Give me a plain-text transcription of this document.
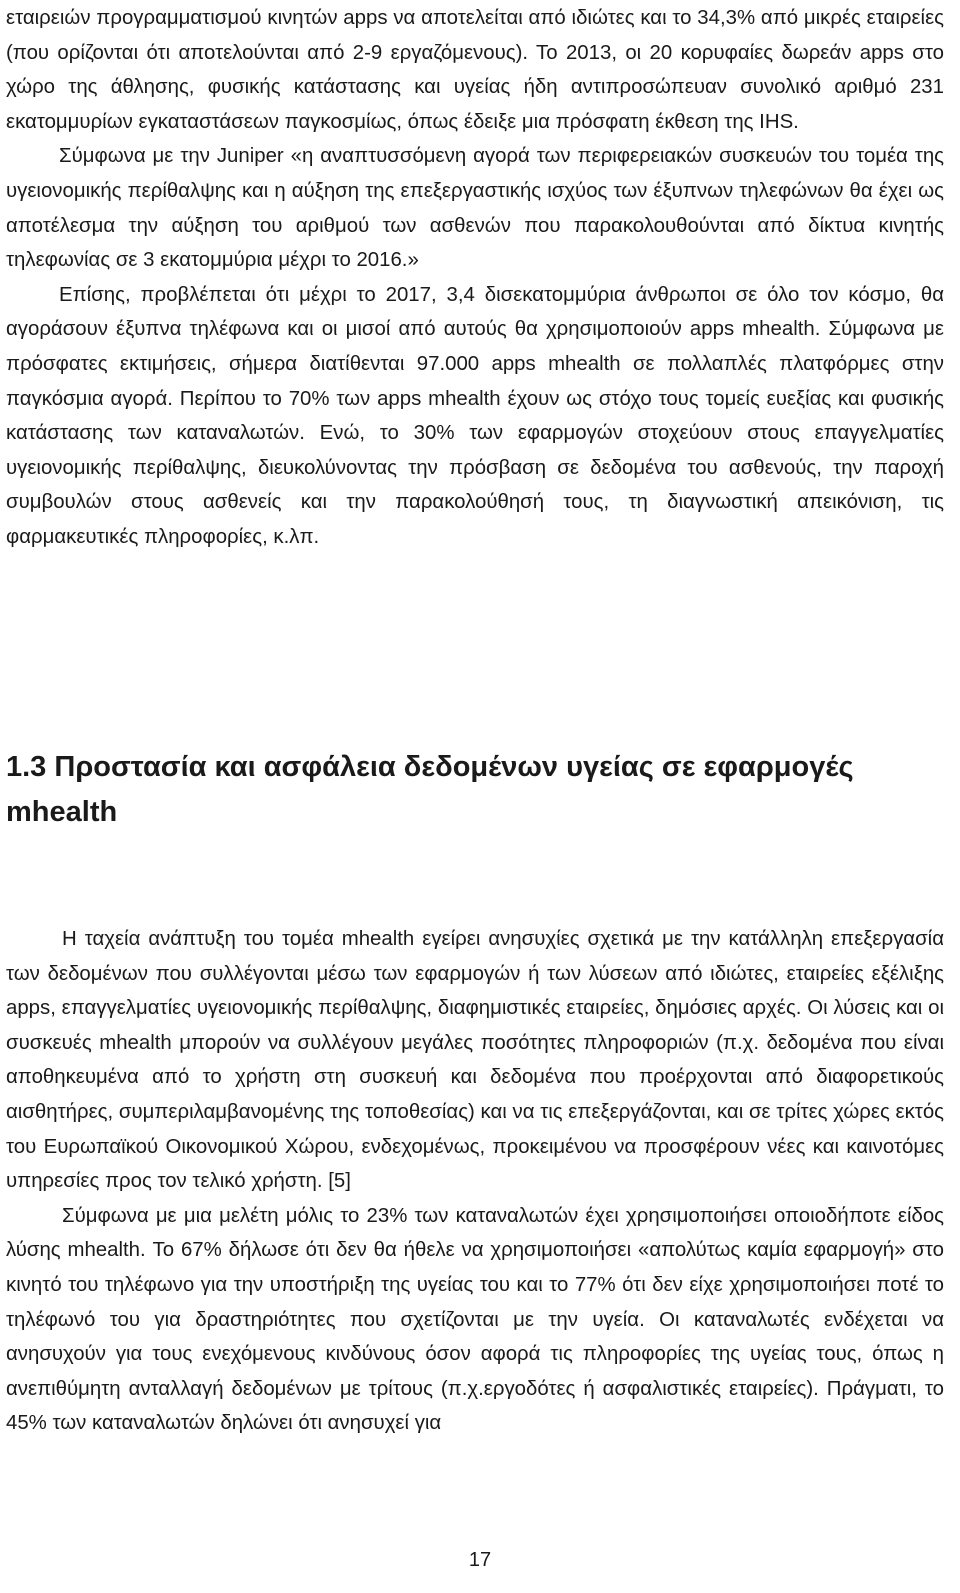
εταιρειών προγραμματισμού κινητών apps να αποτελείται από ιδιώτες και το 34,3% από μικρές εταιρείες (που ορίζονται ότι αποτελούνται από 2-9 εργαζόμενους). Το 2013, οι 20 κορυφαίες δωρεάν apps στο χώρο της άθλησης, φυσικής κατάστασης και υγείας ήδη αντιπροσώπευαν συνολικό αριθμό 231 εκατομμυρίων εγκαταστάσεων παγκοσμίως, όπως έδειξε μια πρόσφατη έκθεση της IHS.

Σύμφωνα με την Juniper «η αναπτυσσόμενη αγορά των περιφερειακών συσκευών του τομέα της υγειονομικής περίθαλψης και η αύξηση της επεξεργαστικής ισχύος των έξυπνων τηλεφώνων θα έχει ως αποτέλεσμα την αύξηση του αριθμού των ασθενών που παρακολουθούνται από δίκτυα κινητής τηλεφωνίας σε 3 εκατομμύρια μέχρι το 2016.»

Επίσης, προβλέπεται ότι μέχρι το 2017, 3,4 δισεκατομμύρια άνθρωποι σε όλο τον κόσμο, θα αγοράσουν έξυπνα τηλέφωνα και οι μισοί από αυτούς θα χρησιμοποιούν apps mhealth. Σύμφωνα με πρόσφατες εκτιμήσεις, σήμερα διατίθενται 97.000 apps mhealth σε πολλαπλές πλατφόρμες στην παγκόσμια αγορά. Περίπου το 70% των apps mhealth έχουν ως στόχο τους τομείς ευεξίας και φυσικής κατάστασης των καταναλωτών. Ενώ, το 30% των εφαρμογών στοχεύουν στους επαγγελματίες υγειονομικής περίθαλψης, διευκολύνοντας την πρόσβαση σε δεδομένα του ασθενούς, την παροχή συμβουλών στους ασθενείς και την παρακολούθησή τους, τη διαγνωστική απεικόνιση, τις φαρμακευτικές πληροφορίες, κ.λπ.

1.3 Προστασία και ασφάλεια δεδομένων υγείας σε εφαρμογές mhealth

Η ταχεία ανάπτυξη του τομέα mhealth εγείρει ανησυχίες σχετικά με την κατάλληλη επεξεργασία των δεδομένων που συλλέγονται μέσω των εφαρμογών ή των λύσεων από ιδιώτες, εταιρείες εξέλιξης apps, επαγγελματίες υγειονομικής περίθαλψης, διαφημιστικές εταιρείες, δημόσιες αρχές. Οι λύσεις και οι συσκευές mhealth μπορούν να συλλέγουν μεγάλες ποσότητες πληροφοριών (π.χ. δεδομένα που είναι αποθηκευμένα από το χρήστη στη συσκευή και δεδομένα που προέρχονται από διαφορετικούς αισθητήρες, συμπεριλαμβανομένης της τοποθεσίας) και να τις επεξεργάζονται, και σε τρίτες χώρες εκτός του Ευρωπαϊκού Οικονομικού Χώρου, ενδεχομένως, προκειμένου να προσφέρουν νέες και καινοτόμες υπηρεσίες προς τον τελικό χρήστη. [5]

Σύμφωνα με μια μελέτη μόλις το 23% των καταναλωτών έχει χρησιμοποιήσει οποιοδήποτε είδος λύσης mhealth. Το 67% δήλωσε ότι δεν θα ήθελε να χρησιμοποιήσει «απολύτως καμία εφαρμογή» στο κινητό του τηλέφωνο για την υποστήριξη της υγείας του και το 77% ότι δεν είχε χρησιμοποιήσει ποτέ το τηλέφωνό του για δραστηριότητες που σχετίζονται με την υγεία. Οι καταναλωτές ενδέχεται να ανησυχούν για τους ενεχόμενους κινδύνους όσον αφορά τις πληροφορίες της υγείας τους, όπως η ανεπιθύμητη ανταλλαγή δεδομένων με τρίτους (π.χ.εργοδότες ή ασφαλιστικές εταιρείες). Πράγματι, το 45% των καταναλωτών δηλώνει ότι ανησυχεί για

17
